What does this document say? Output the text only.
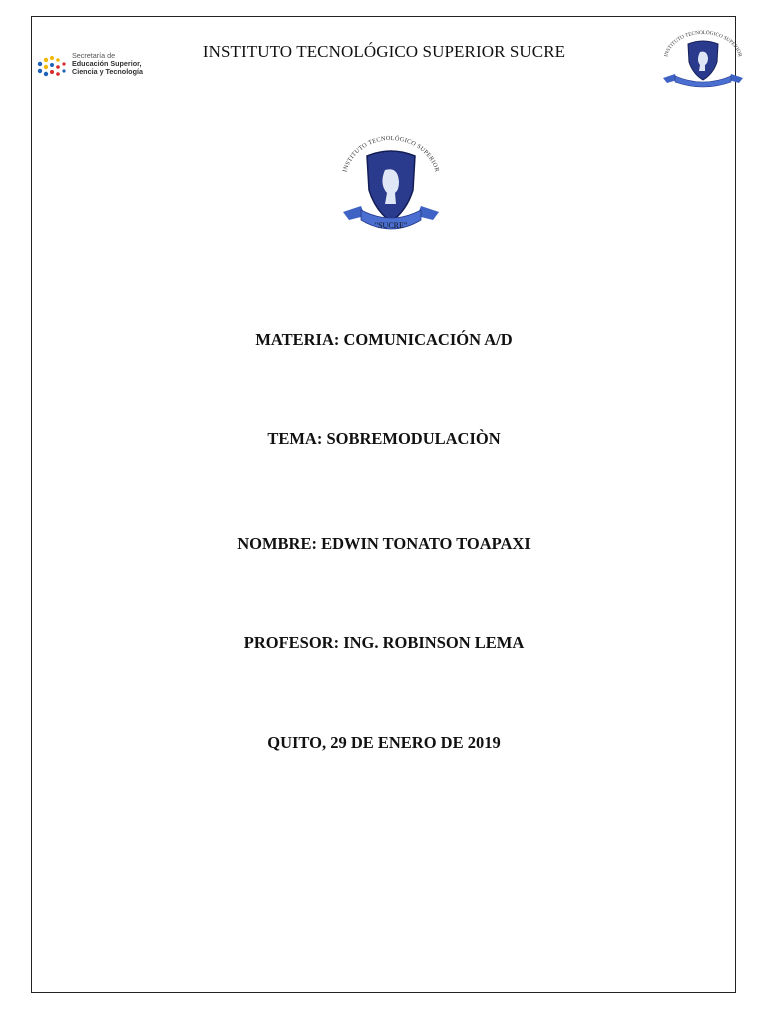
Secretaría de
Educación Superior,
Ciencia y Tecnología
INSTITUTO TECNOLÓGICO SUPERIOR SUCRE	INSTITUTO TECNOLÓGICO SUPERIOR
INSTITUTO TECNOLÓGICO SUPERIOR
"SUCRE"
MATERIA: COMUNICACIÓN A/D
TEMA: SOBREMODULACIÒN
NOMBRE: EDWIN TONATO TOAPAXI
PROFESOR: ING. ROBINSON LEMA
QUITO, 29 DE ENERO DE 2019
